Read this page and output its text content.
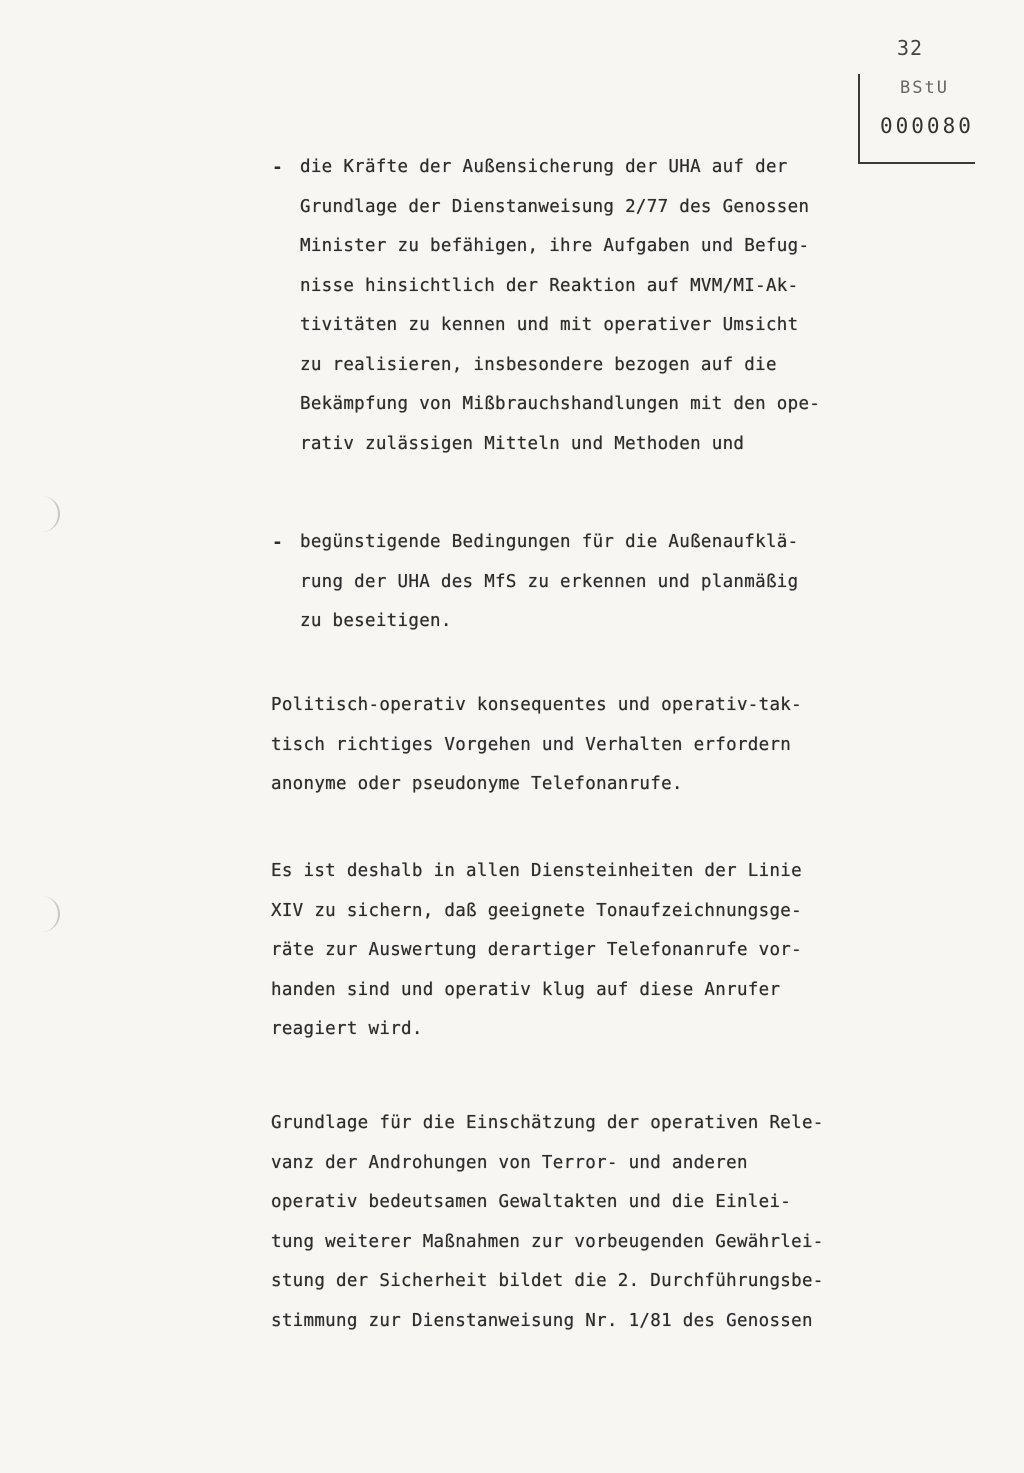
32
BStU
000080
- die Kräfte der Außensicherung der UHA auf der
Grundlage der Dienstanweisung 2/77 des Genossen
Minister zu befähigen, ihre Aufgaben und Befug-
nisse hinsichtlich der Reaktion auf MVM/MI-Ak-
tivitäten zu kennen und mit operativer Umsicht
zu realisieren, insbesondere bezogen auf die
Bekämpfung von Mißbrauchshandlungen mit den ope-
rativ zulässigen Mitteln und Methoden und
- begünstigende Bedingungen für die Außenaufklä-
rung der UHA des MfS zu erkennen und planmäßig
zu beseitigen.
Politisch-operativ konsequentes und operativ-tak-
tisch richtiges Vorgehen und Verhalten erfordern
anonyme oder pseudonyme Telefonanrufe.
Es ist deshalb in allen Diensteinheiten der Linie
XIV zu sichern, daß geeignete Tonaufzeichnungsge-
räte zur Auswertung derartiger Telefonanrufe vor-
handen sind und operativ klug auf diese Anrufer
reagiert wird.
Grundlage für die Einschätzung der operativen Rele-
vanz der Androhungen von Terror- und anderen
operativ bedeutsamen Gewaltakten und die Einlei-
tung weiterer Maßnahmen zur vorbeugenden Gewährlei-
stung der Sicherheit bildet die 2. Durchführungsbe-
stimmung zur Dienstanweisung Nr. 1/81 des Genossen
